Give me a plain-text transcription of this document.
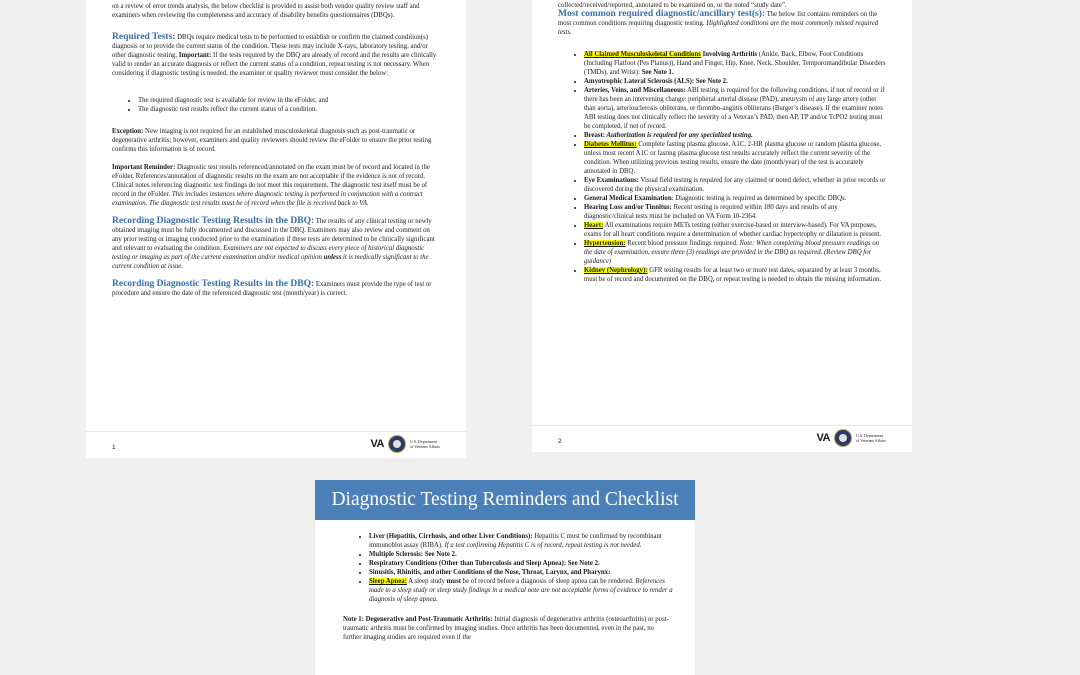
on a review of error trends analysis, the below checklist is provided to assist both vendor quality review staff and examiners when reviewing the completeness and accuracy of disability benefits questionnaires (DBQs).

Required Tests: DBQs require medical tests to be performed to establish or confirm the claimed condition(s) diagnosis or to provide the current status of the condition. These tests may include X-rays, laboratory testing, and/or other diagnostic testing. Important: If the tests required by the DBQ are already of record and the results are clinically valid to render an accurate diagnosis or reflect the current status of a condition, repeat testing is not necessary. When considering if diagnostic testing is needed, the examiner or quality reviewer must consider the below:

• The required diagnostic test is available for review in the eFolder, and
• The diagnostic test results reflect the current status of a condition.

Exception: New imaging is not required for an established musculoskeletal diagnosis such as post-traumatic or degenerative arthritis; however, examiners and quality reviewers should review the eFolder to ensure the prior testing confirms this information is of record.

Important Reminder: Diagnostic test results referenced/annotated on the exam must be of record and located in the eFolder. References/annotation of diagnostic results on the exam are not acceptable if the evidence is not of record. Clinical notes referencing diagnostic test findings do not meet this requirement. The diagnostic test itself must be of record in the eFolder. This includes instances where diagnostic testing is performed in conjunction with a contract examination. The diagnostic test results must be of record when the file is received back to VA.

Recording Diagnostic Testing Results in the DBQ: The results of any clinical testing or newly obtained imaging must be fully documented and discussed in the DBQ. Examiners may also review and comment on any prior testing or imaging conducted prior to the examination if these tests are determined to be clinically significant and relevant to evaluating the condition. Examiners are not expected to discuss every piece of historical diagnostic testing or imaging as part of the current examination and/or medical opinion unless it is medically significant to the current condition at issue.

Recording Diagnostic Testing Results in the DBQ: Examiners must provide the type of test or procedure and ensure the date of the referenced diagnostic test (month/year) is correct.

1	VA	U.S. Department
of Veterans Affairs

collected/received/reported, annotated to be examined on, or the noted “study date”.

Most common required diagnostic/ancillary test(s): The below list contains reminders on the most common conditions requiring diagnostic testing. Highlighted conditions are the most commonly missed required tests.

• All Claimed Musculoskeletal Conditions Involving Arthritis (Ankle, Back, Elbow, Foot Conditions (Including Flatfoot (Pes Planus)), Hand and Finger, Hip, Knee, Neck, Shoulder, Temporomandibular Disorders (TMDs), and Wrist): See Note 1.
• Amyotrophic Lateral Sclerosis (ALS): See Note 2.
• Arteries, Veins, and Miscellaneous: ABI testing is required for the following conditions, if not of record or if there has been an intervening change: peripheral arterial disease (PAD), aneurysm of any large artery (other than aorta), arteriosclerosis obliterans, or thrombo-angiitis obliterans (Burger’s disease). If the examiner notes ABI testing does not clinically reflect the severity of a Veteran’s PAD, then AP, TP and/or TcPO2 testing must be completed, if not of record.
• Breast: Authorization is required for any specialized testing.
• Diabetes Mellitus: Complete fasting plasma glucose, A1C, 2-HR plasma glucose or random plasma glucose, unless most recent A1C or fasting plasma glucose test results accurately reflect the current severity of the condition. When utilizing previous testing results, ensure the date (month/year) of the test is accurately annotated in DBQ.
• Eye Examinations: Visual field testing is required for any claimed or noted defect, whether in prior records or discovered during the physical examination.
• General Medical Examination: Diagnostic testing is required as determined by specific DBQs.
• Hearing Loss and/or Tinnitus: Recent testing is required within 180 days and results of any diagnostic/clinical tests must be included on VA Form 10-2364.
• Heart: All examinations require METs testing (either exercise-based or interview-based). For VA purposes, exams for all heart conditions require a determination of whether cardiac hypertrophy or dilatation is present.
• Hypertension: Recent blood pressure findings required. Note: When completing blood pressure readings on the date of examination, ensure three (3) readings are provided in the DBQ as required. (Review DBQ for guidance)
• Kidney (Nephrology): GFR testing results for at least two or more test dates, separated by at least 3 months, must be of record and documented on the DBQ, or repeat testing is needed to obtain the missing information.
2	VA	U.S. Department
of Veterans Affairs
Diagnostic Testing Reminders and Checklist
• Liver (Hepatitis, Cirrhosis, and other Liver Conditions): Hepatitis C must be confirmed by recombinant immunoblot assay (RIBA). If a test confirming Hepatitis C is of record, repeat testing is not needed.
• Multiple Sclerosis: See Note 2.
• Respiratory Conditions (Other than Tuberculosis and Sleep Apnea): See Note 2.
• Sinusitis, Rhinitis, and other Conditions of the Nose, Throat, Larynx, and Pharynx:
• Sleep Apnea: A sleep study must be of record before a diagnosis of sleep apnea can be rendered. References made to a sleep study or sleep study findings in a medical note are not acceptable forms of evidence to render a diagnosis of sleep apnea.

Note 1: Degenerative and Post-Traumatic Arthritis: Initial diagnosis of degenerative arthritis (osteoarthritis) or post-traumatic arthritis must be confirmed by imaging studies. Once arthritis has been documented, even in the past, no further imaging studies are required even if the
